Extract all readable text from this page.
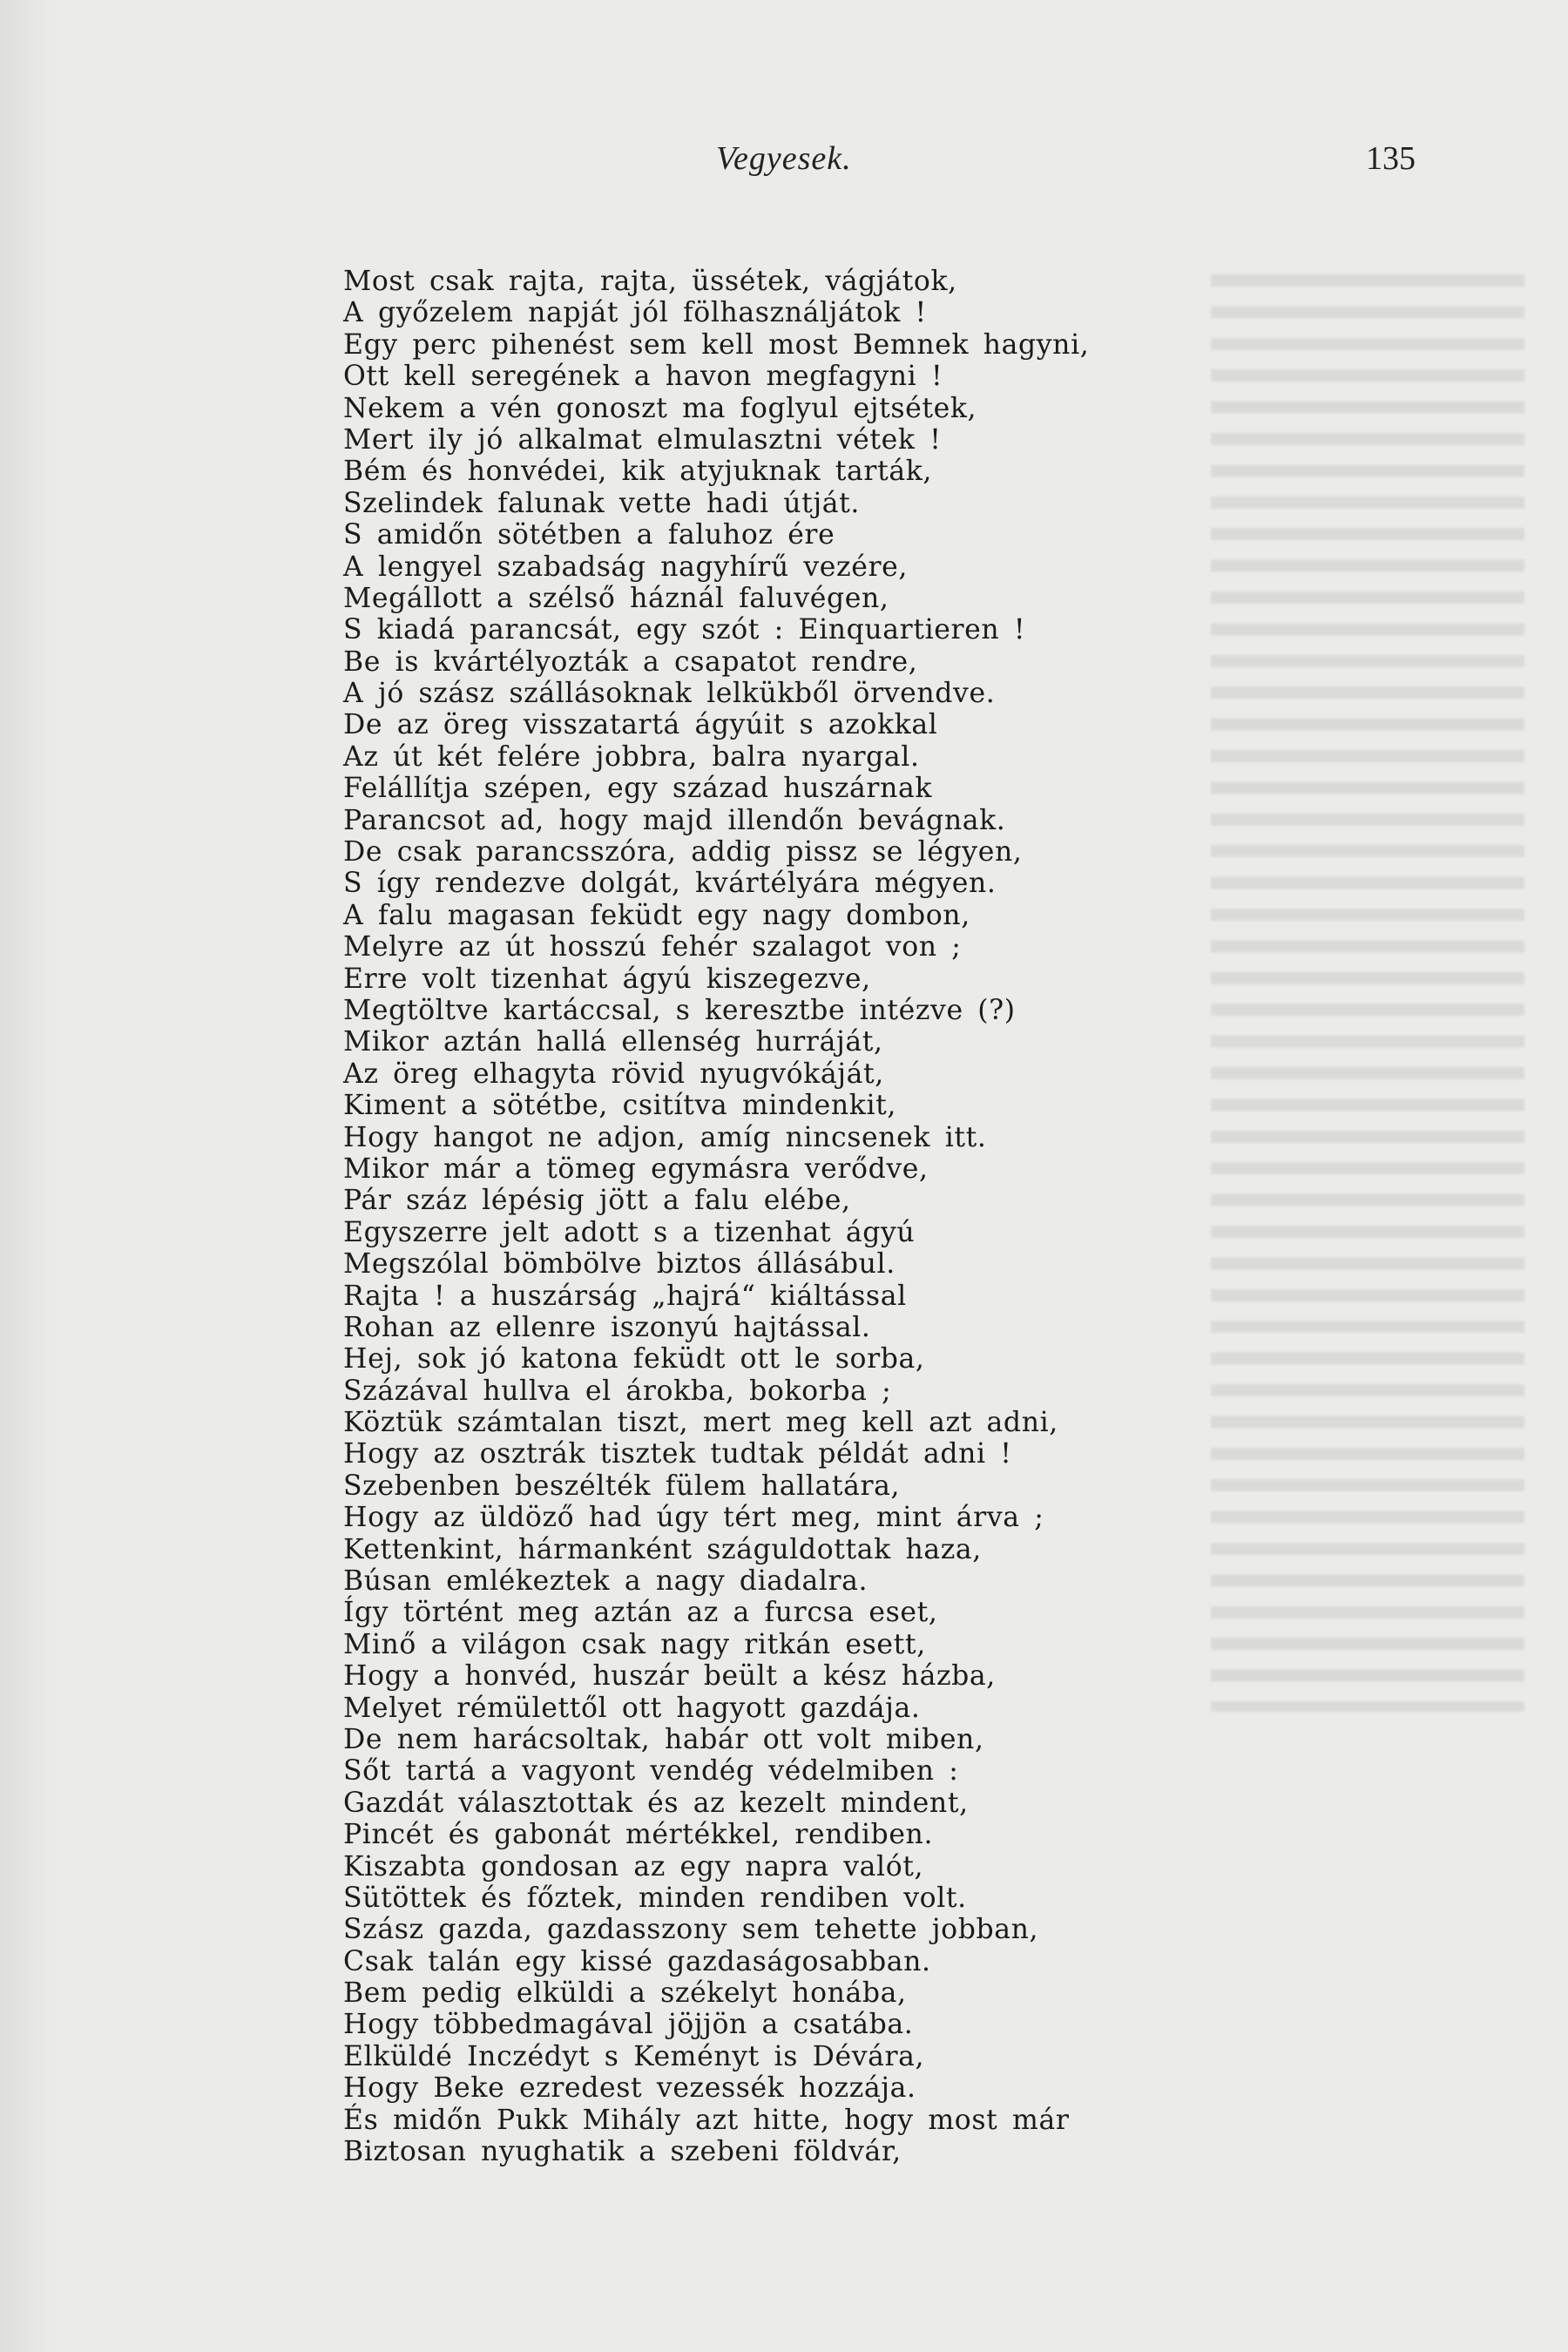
Vegyesek.	135
Most csak rajta, rajta, üssétek, vágjátok,
A győzelem napját jól fölhasználjátok !
Egy perc pihenést sem kell most Bemnek hagyni,
Ott kell seregének a havon megfagyni !
Nekem a vén gonoszt ma foglyul ejtsétek,
Mert ily jó alkalmat elmulasztni vétek !
Bém és honvédei, kik atyjuknak tarták,
Szelindek falunak vette hadi útját.
S amidőn sötétben a faluhoz ére
A lengyel szabadság nagyhírű vezére,
Megállott a szélső háznál faluvégen,
S kiadá parancsát, egy szót : Einquartieren !
Be is kvártélyozták a csapatot rendre,
A jó szász szállásoknak lelkükből örvendve.
De az öreg visszatartá ágyúit s azokkal
Az út két felére jobbra, balra nyargal.
Felállítja szépen, egy század huszárnak
Parancsot ad, hogy majd illendőn bevágnak.
De csak parancsszóra, addig pissz se légyen,
S így rendezve dolgát, kvártélyára mégyen.
A falu magasan feküdt egy nagy dombon,
Melyre az út hosszú fehér szalagot von ;
Erre volt tizenhat ágyú kiszegezve,
Megtöltve kartáccsal, s keresztbe intézve (?)
Mikor aztán hallá ellenség hurráját,
Az öreg elhagyta rövid nyugvókáját,
Kiment a sötétbe, csitítva mindenkit,
Hogy hangot ne adjon, amíg nincsenek itt.
Mikor már a tömeg egymásra verődve,
Pár száz lépésig jött a falu elébe,
Egyszerre jelt adott s a tizenhat ágyú
Megszólal bömbölve biztos állásábul.
Rajta ! a huszárság „hajrá“ kiáltással
Rohan az ellenre iszonyú hajtással.
Hej, sok jó katona feküdt ott le sorba,
Százával hullva el árokba, bokorba ;
Köztük számtalan tiszt, mert meg kell azt adni,
Hogy az osztrák tisztek tudtak példát adni !
Szebenben beszélték fülem hallatára,
Hogy az üldöző had úgy tért meg, mint árva ;
Kettenkint, hármanként száguldottak haza,
Búsan emlékeztek a nagy diadalra.
Így történt meg aztán az a furcsa eset,
Minő a világon csak nagy ritkán esett,
Hogy a honvéd, huszár beült a kész házba,
Melyet rémülettől ott hagyott gazdája.
De nem harácsoltak, habár ott volt miben,
Sőt tartá a vagyont vendég védelmiben :
Gazdát választottak és az kezelt mindent,
Pincét és gabonát mértékkel, rendiben.
Kiszabta gondosan az egy napra valót,
Sütöttek és főztek, minden rendiben volt.
Szász gazda, gazdasszony sem tehette jobban,
Csak talán egy kissé gazdaságosabban.
Bem pedig elküldi a székelyt honába,
Hogy többedmagával jöjjön a csatába.
Elküldé Inczédyt s Keményt is Dévára,
Hogy Beke ezredest vezessék hozzája.
És midőn Pukk Mihály azt hitte, hogy most már
Biztosan nyughatik a szebeni földvár,
